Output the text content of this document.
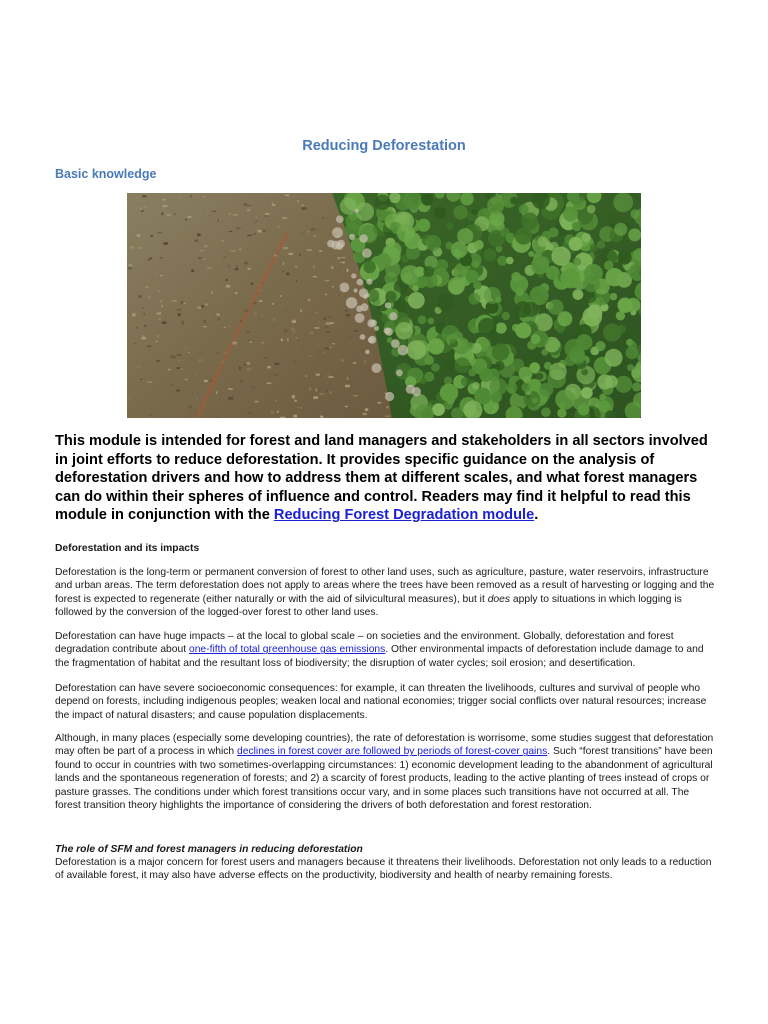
Reducing Deforestation
Basic knowledge
This module is intended for forest and land managers and stakeholders in all sectors involved in joint efforts to reduce deforestation. It provides specific guidance on the analysis of deforestation drivers and how to address them at different scales, and what forest managers can do within their spheres of influence and control. Readers may find it helpful to read this module in conjunction with the Reducing Forest Degradation module.
Deforestation and its impacts
Deforestation is the long-term or permanent conversion of forest to other land uses, such as agriculture, pasture, water reservoirs, infrastructure and urban areas. The term deforestation does not apply to areas where the trees have been removed as a result of harvesting or logging and the forest is expected to regenerate (either naturally or with the aid of silvicultural measures), but it does apply to situations in which logging is followed by the conversion of the logged-over forest to other land uses.
Deforestation can have huge impacts – at the local to global scale – on societies and the environment. Globally, deforestation and forest degradation contribute about one-fifth of total greenhouse gas emissions. Other environmental impacts of deforestation include damage to and the fragmentation of habitat and the resultant loss of biodiversity; the disruption of water cycles; soil erosion; and desertification.
Deforestation can have severe socioeconomic consequences: for example, it can threaten the livelihoods, cultures and survival of people who depend on forests, including indigenous peoples; weaken local and national economies; trigger social conflicts over natural resources; increase the impact of natural disasters; and cause population displacements.
Although, in many places (especially some developing countries), the rate of deforestation is worrisome, some studies suggest that deforestation may often be part of a process in which declines in forest cover are followed by periods of forest-cover gains. Such “forest transitions” have been found to occur in countries with two sometimes-overlapping circumstances: 1) economic development leading to the abandonment of agricultural lands and the spontaneous regeneration of forests; and 2) a scarcity of forest products, leading to the active planting of trees instead of crops or pasture grasses. The conditions under which forest transitions occur vary, and in some places such transitions have not occurred at all. The forest transition theory highlights the importance of considering the drivers of both deforestation and forest restoration.
The role of SFM and forest managers in reducing deforestation
Deforestation is a major concern for forest users and managers because it threatens their livelihoods. Deforestation not only leads to a reduction of available forest, it may also have adverse effects on the productivity, biodiversity and health of nearby remaining forests.
